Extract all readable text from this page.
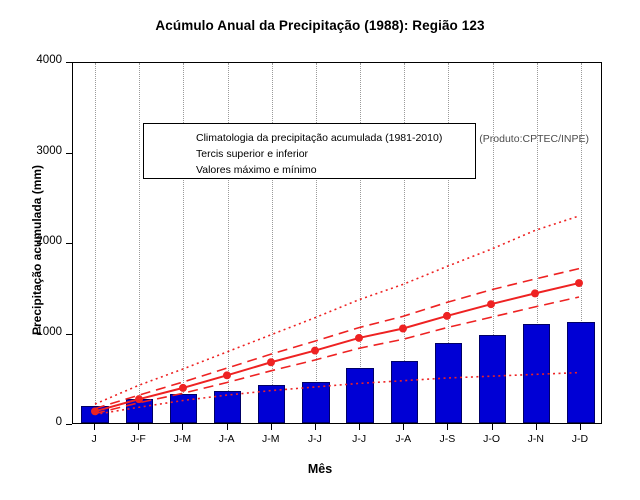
Acúmulo Anual da Precipitação (1988): Região 123
Precipitação acumulada (mm)
Mês
0
1000
2000
3000
4000
J	J-F	J-M	J-A	J-M	J-J	J-J	J-A	J-S	J-O	J-N	J-D
(Produto:CPTEC/INPE)
Climatologia da precipitação acumulada (1981-2010)
Tercis superior e inferior
Valores máximo e mínimo
